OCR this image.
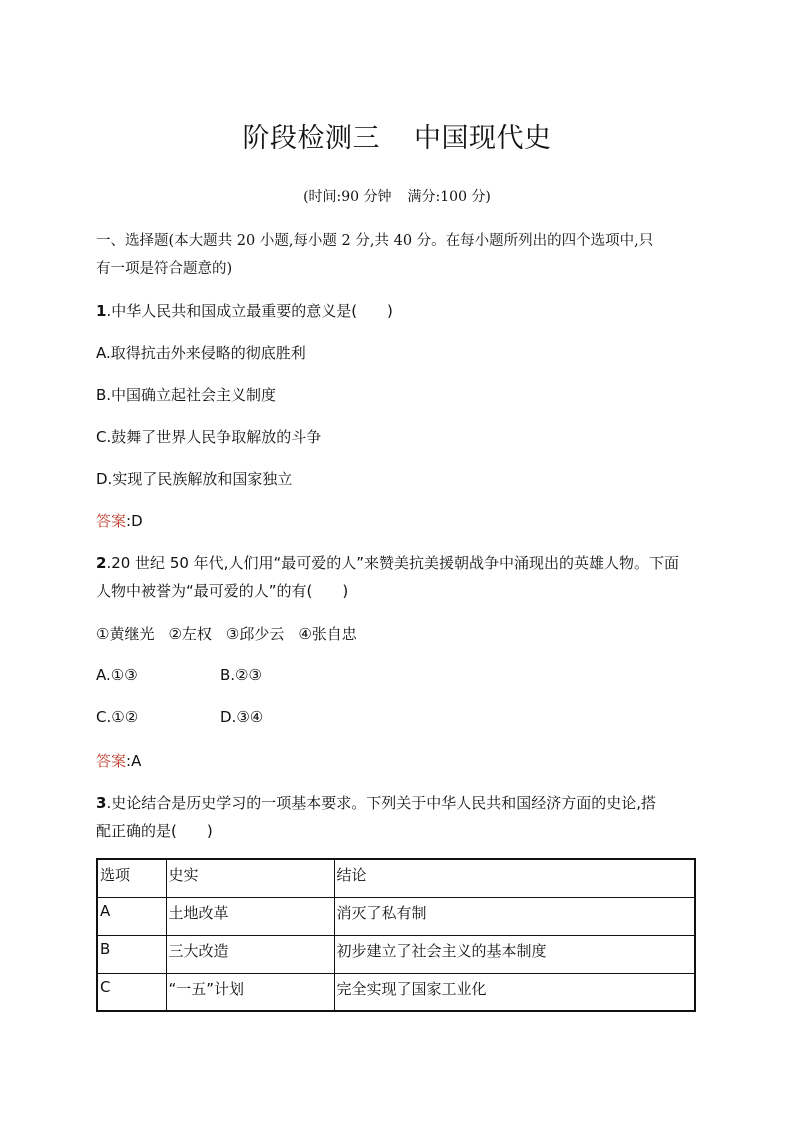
阶段检测三 中国现代史
(时间:90 分钟 满分:100 分)
一、选择题(本大题共 20 小题,每小题 2 分,共 40 分。在每小题所列出的四个选项中,只
有一项是符合题意的)
1.中华人民共和国成立最重要的意义是(　　)
A.取得抗击外来侵略的彻底胜利
B.中国确立起社会主义制度
C.鼓舞了世界人民争取解放的斗争
D.实现了民族解放和国家独立
答案:D
2.20 世纪 50 年代,人们用“最可爱的人”来赞美抗美援朝战争中涌现出的英雄人物。下面
人物中被誉为“最可爱的人”的有(　　)
①黄继光 ②左权 ③邱少云 ④张自忠
A.①③	B.②③
C.①②	D.③④
答案:A
3.史论结合是历史学习的一项基本要求。下列关于中华人民共和国经济方面的史论,搭
配正确的是(　　)
选项	史实	结论
A	土地改革	消灭了私有制
B	三大改造	初步建立了社会主义的基本制度
C	“一五”计划	完全实现了国家工业化
